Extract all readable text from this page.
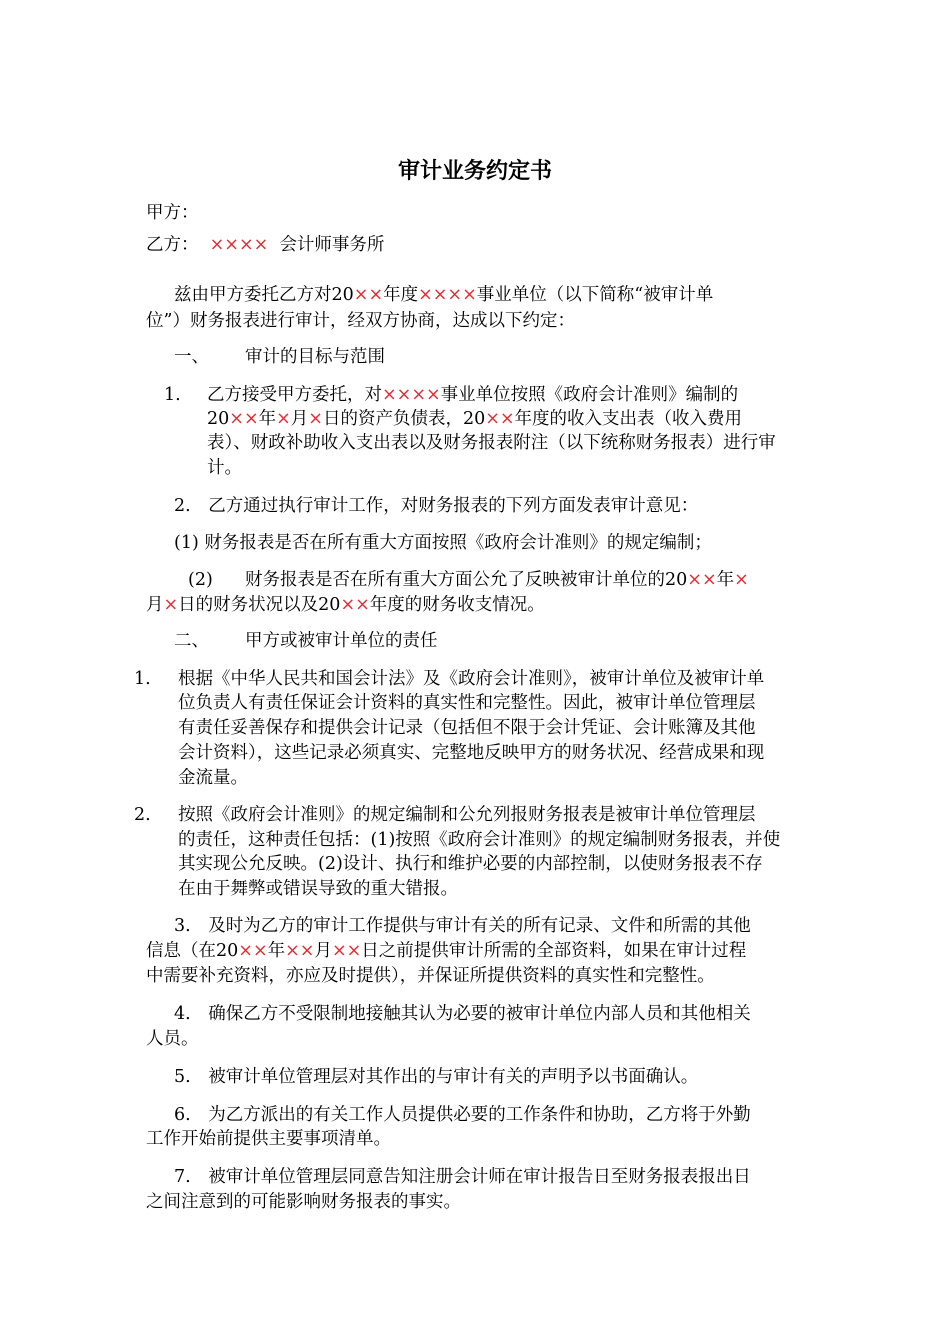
审计业务约定书
甲方：
乙方： ×××× 会计师事务所
兹由甲方委托乙方对20××年度××××事业单位（以下简称“被审计单
位”）财务报表进行审计，经双方协商，达成以下约定：
一、 审计的目标与范围
1. 乙方接受甲方委托，对××××事业单位按照《政府会计准则》编制的
20××年×月×日的资产负债表，20××年度的收入支出表（收入费用
表）、财政补助收入支出表以及财务报表附注（以下统称财务报表）进行审
计。
2.　乙方通过执行审计工作，对财务报表的下列方面发表审计意见：
(1) 财务报表是否在所有重大方面按照《政府会计准则》的规定编制；
(2) 财务报表是否在所有重大方面公允了反映被审计单位的20××年×
月×日的财务状况以及20××年度的财务收支情况。
二、 甲方或被审计单位的责任
1. 根据《中华人民共和国会计法》及《政府会计准则》，被审计单位及被审计单
位负责人有责任保证会计资料的真实性和完整性。因此，被审计单位管理层
有责任妥善保存和提供会计记录（包括但不限于会计凭证、会计账簿及其他
会计资料），这些记录必须真实、完整地反映甲方的财务状况、经营成果和现
金流量。
2. 按照《政府会计准则》的规定编制和公允列报财务报表是被审计单位管理层
的责任，这种责任包括：(1)按照《政府会计准则》的规定编制财务报表，并使
其实现公允反映。(2)设计、执行和维护必要的内部控制，以使财务报表不存
在由于舞弊或错误导致的重大错报。
3.　及时为乙方的审计工作提供与审计有关的所有记录、文件和所需的其他
信息（在20××年××月××日之前提供审计所需的全部资料，如果在审计过程
中需要补充资料，亦应及时提供），并保证所提供资料的真实性和完整性。
4.　确保乙方不受限制地接触其认为必要的被审计单位内部人员和其他相关
人员。
5.　被审计单位管理层对其作出的与审计有关的声明予以书面确认。
6.　为乙方派出的有关工作人员提供必要的工作条件和协助，乙方将于外勤
工作开始前提供主要事项清单。
7.　被审计单位管理层同意告知注册会计师在审计报告日至财务报表报出日
之间注意到的可能影响财务报表的事实。
